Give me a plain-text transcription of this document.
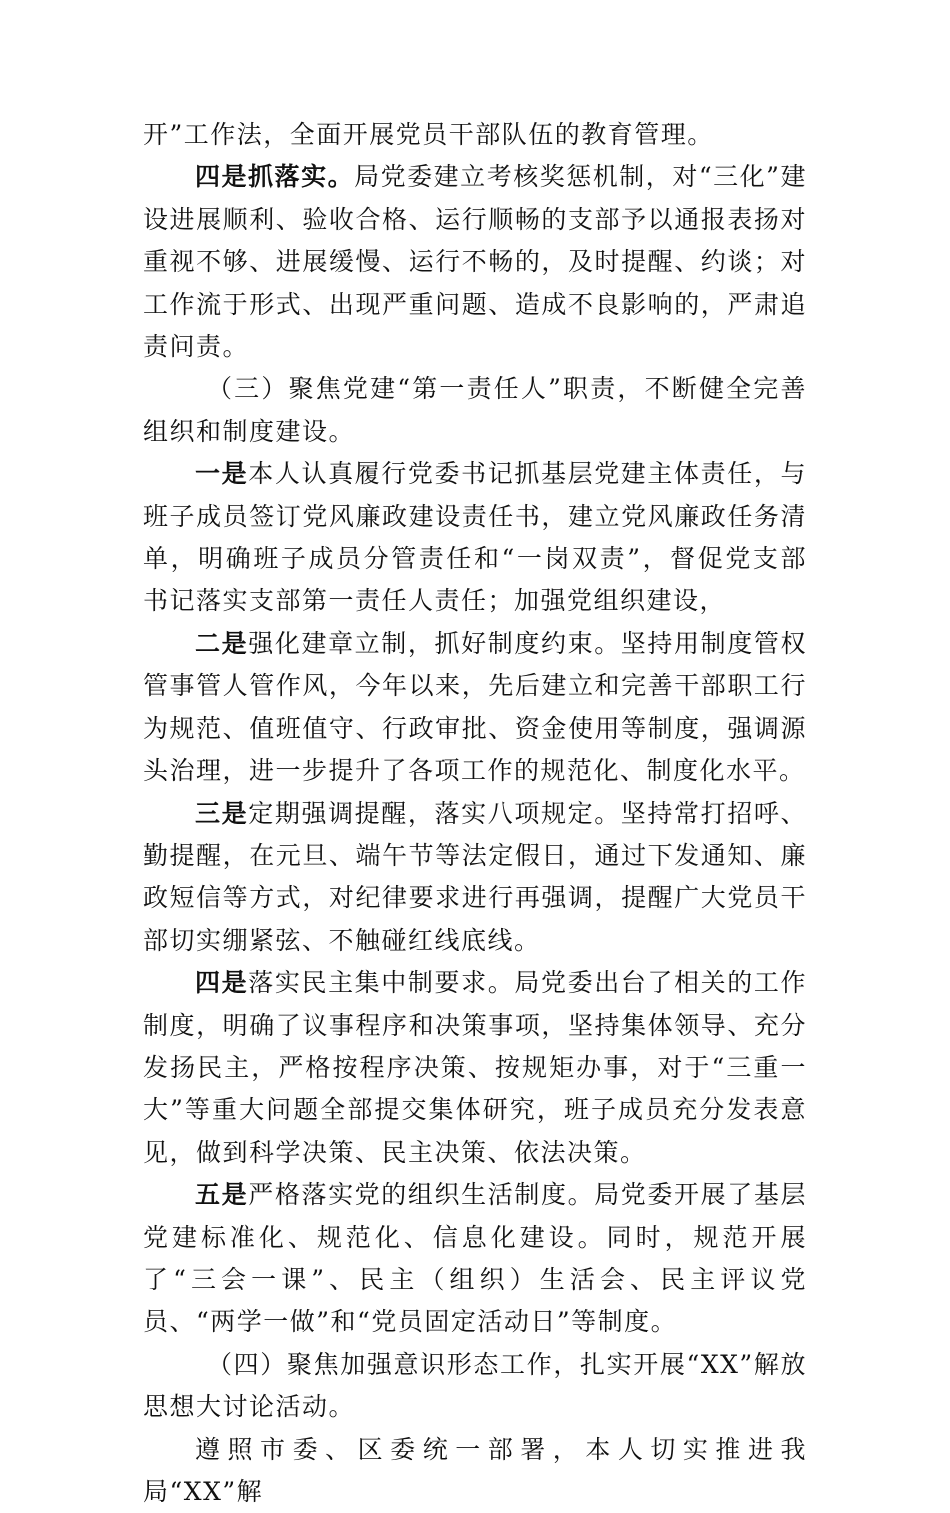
开”工作法，全面开展党员干部队伍的教育管理。

四是抓落实。局党委建立考核奖惩机制，对“三化”建设进展顺利、验收合格、运行顺畅的支部予以通报表扬对重视不够、进展缓慢、运行不畅的，及时提醒、约谈；对工作流于形式、出现严重问题、造成不良影响的，严肃追责问责。

（三）聚焦党建“第一责任人”职责，不断健全完善组织和制度建设。

一是本人认真履行党委书记抓基层党建主体责任，与班子成员签订党风廉政建设责任书，建立党风廉政任务清单，明确班子成员分管责任和“一岗双责”，督促党支部书记落实支部第一责任人责任；加强党组织建设，

二是强化建章立制，抓好制度约束。坚持用制度管权管事管人管作风，今年以来，先后建立和完善干部职工行为规范、值班值守、行政审批、资金使用等制度，强调源头治理，进一步提升了各项工作的规范化、制度化水平。

三是定期强调提醒，落实八项规定。坚持常打招呼、勤提醒，在元旦、端午节等法定假日，通过下发通知、廉政短信等方式，对纪律要求进行再强调，提醒广大党员干部切实绷紧弦、不触碰红线底线。

四是落实民主集中制要求。局党委出台了相关的工作制度，明确了议事程序和决策事项，坚持集体领导、充分发扬民主，严格按程序决策、按规矩办事，对于“三重一大”等重大问题全部提交集体研究，班子成员充分发表意见，做到科学决策、民主决策、依法决策。

五是严格落实党的组织生活制度。局党委开展了基层党建标准化、规范化、信息化建设。同时，规范开展了“三会一课”、民主（组织）生活会、民主评议党员、“两学一做”和“党员固定活动日”等制度。

（四）聚焦加强意识形态工作，扎实开展“XX”解放思想大讨论活动。

遵照市委、区委统一部署，本人切实推进我局“XX”解
